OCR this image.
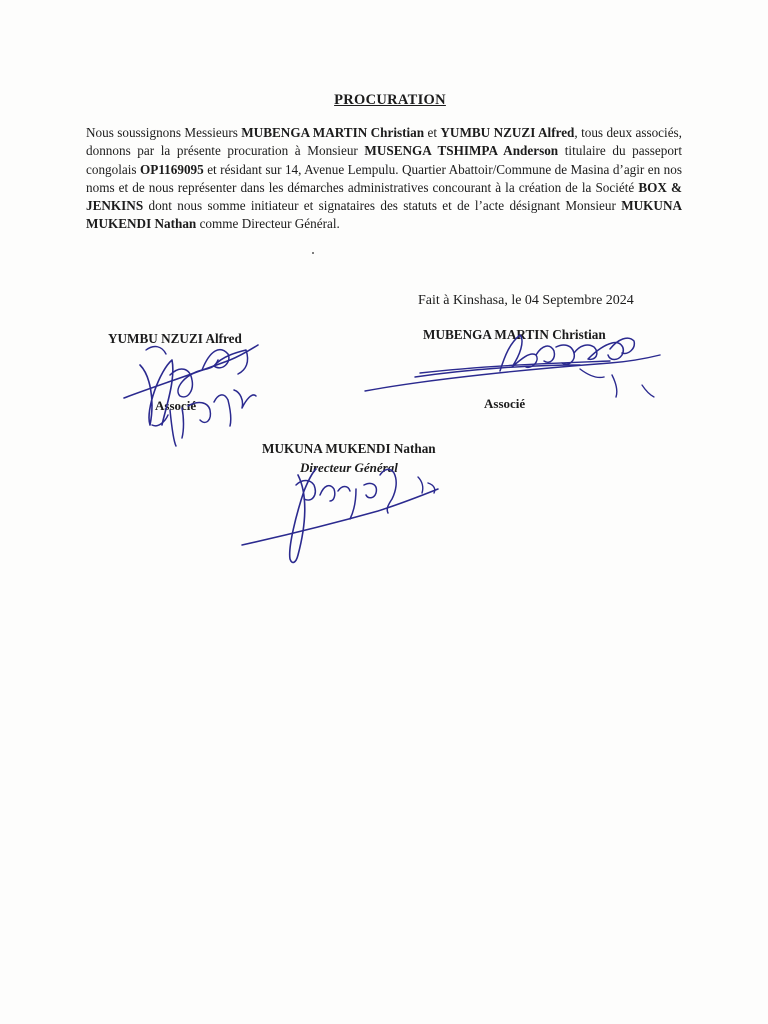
PROCURATION
Nous soussignons Messieurs MUBENGA MARTIN Christian et YUMBU NZUZI Alfred, tous deux associés, donnons par la présente procuration à Monsieur MUSENGA TSHIMPA Anderson titulaire du passeport congolais OP1169095 et résidant sur 14, Avenue Lempulu. Quartier Abattoir/Commune de Masina d’agir en nos noms et de nous représenter dans les démarches administratives concourant à la création de la Société BOX & JENKINS dont nous somme initiateur et signataires des statuts et de l’acte désignant Monsieur MUKUNA MUKENDI Nathan comme Directeur Général.
Fait à Kinshasa, le 04 Septembre 2024
YUMBU NZUZI Alfred
Associé
MUBENGA MARTIN Christian
Associé
MUKUNA MUKENDI Nathan
Directeur Général
